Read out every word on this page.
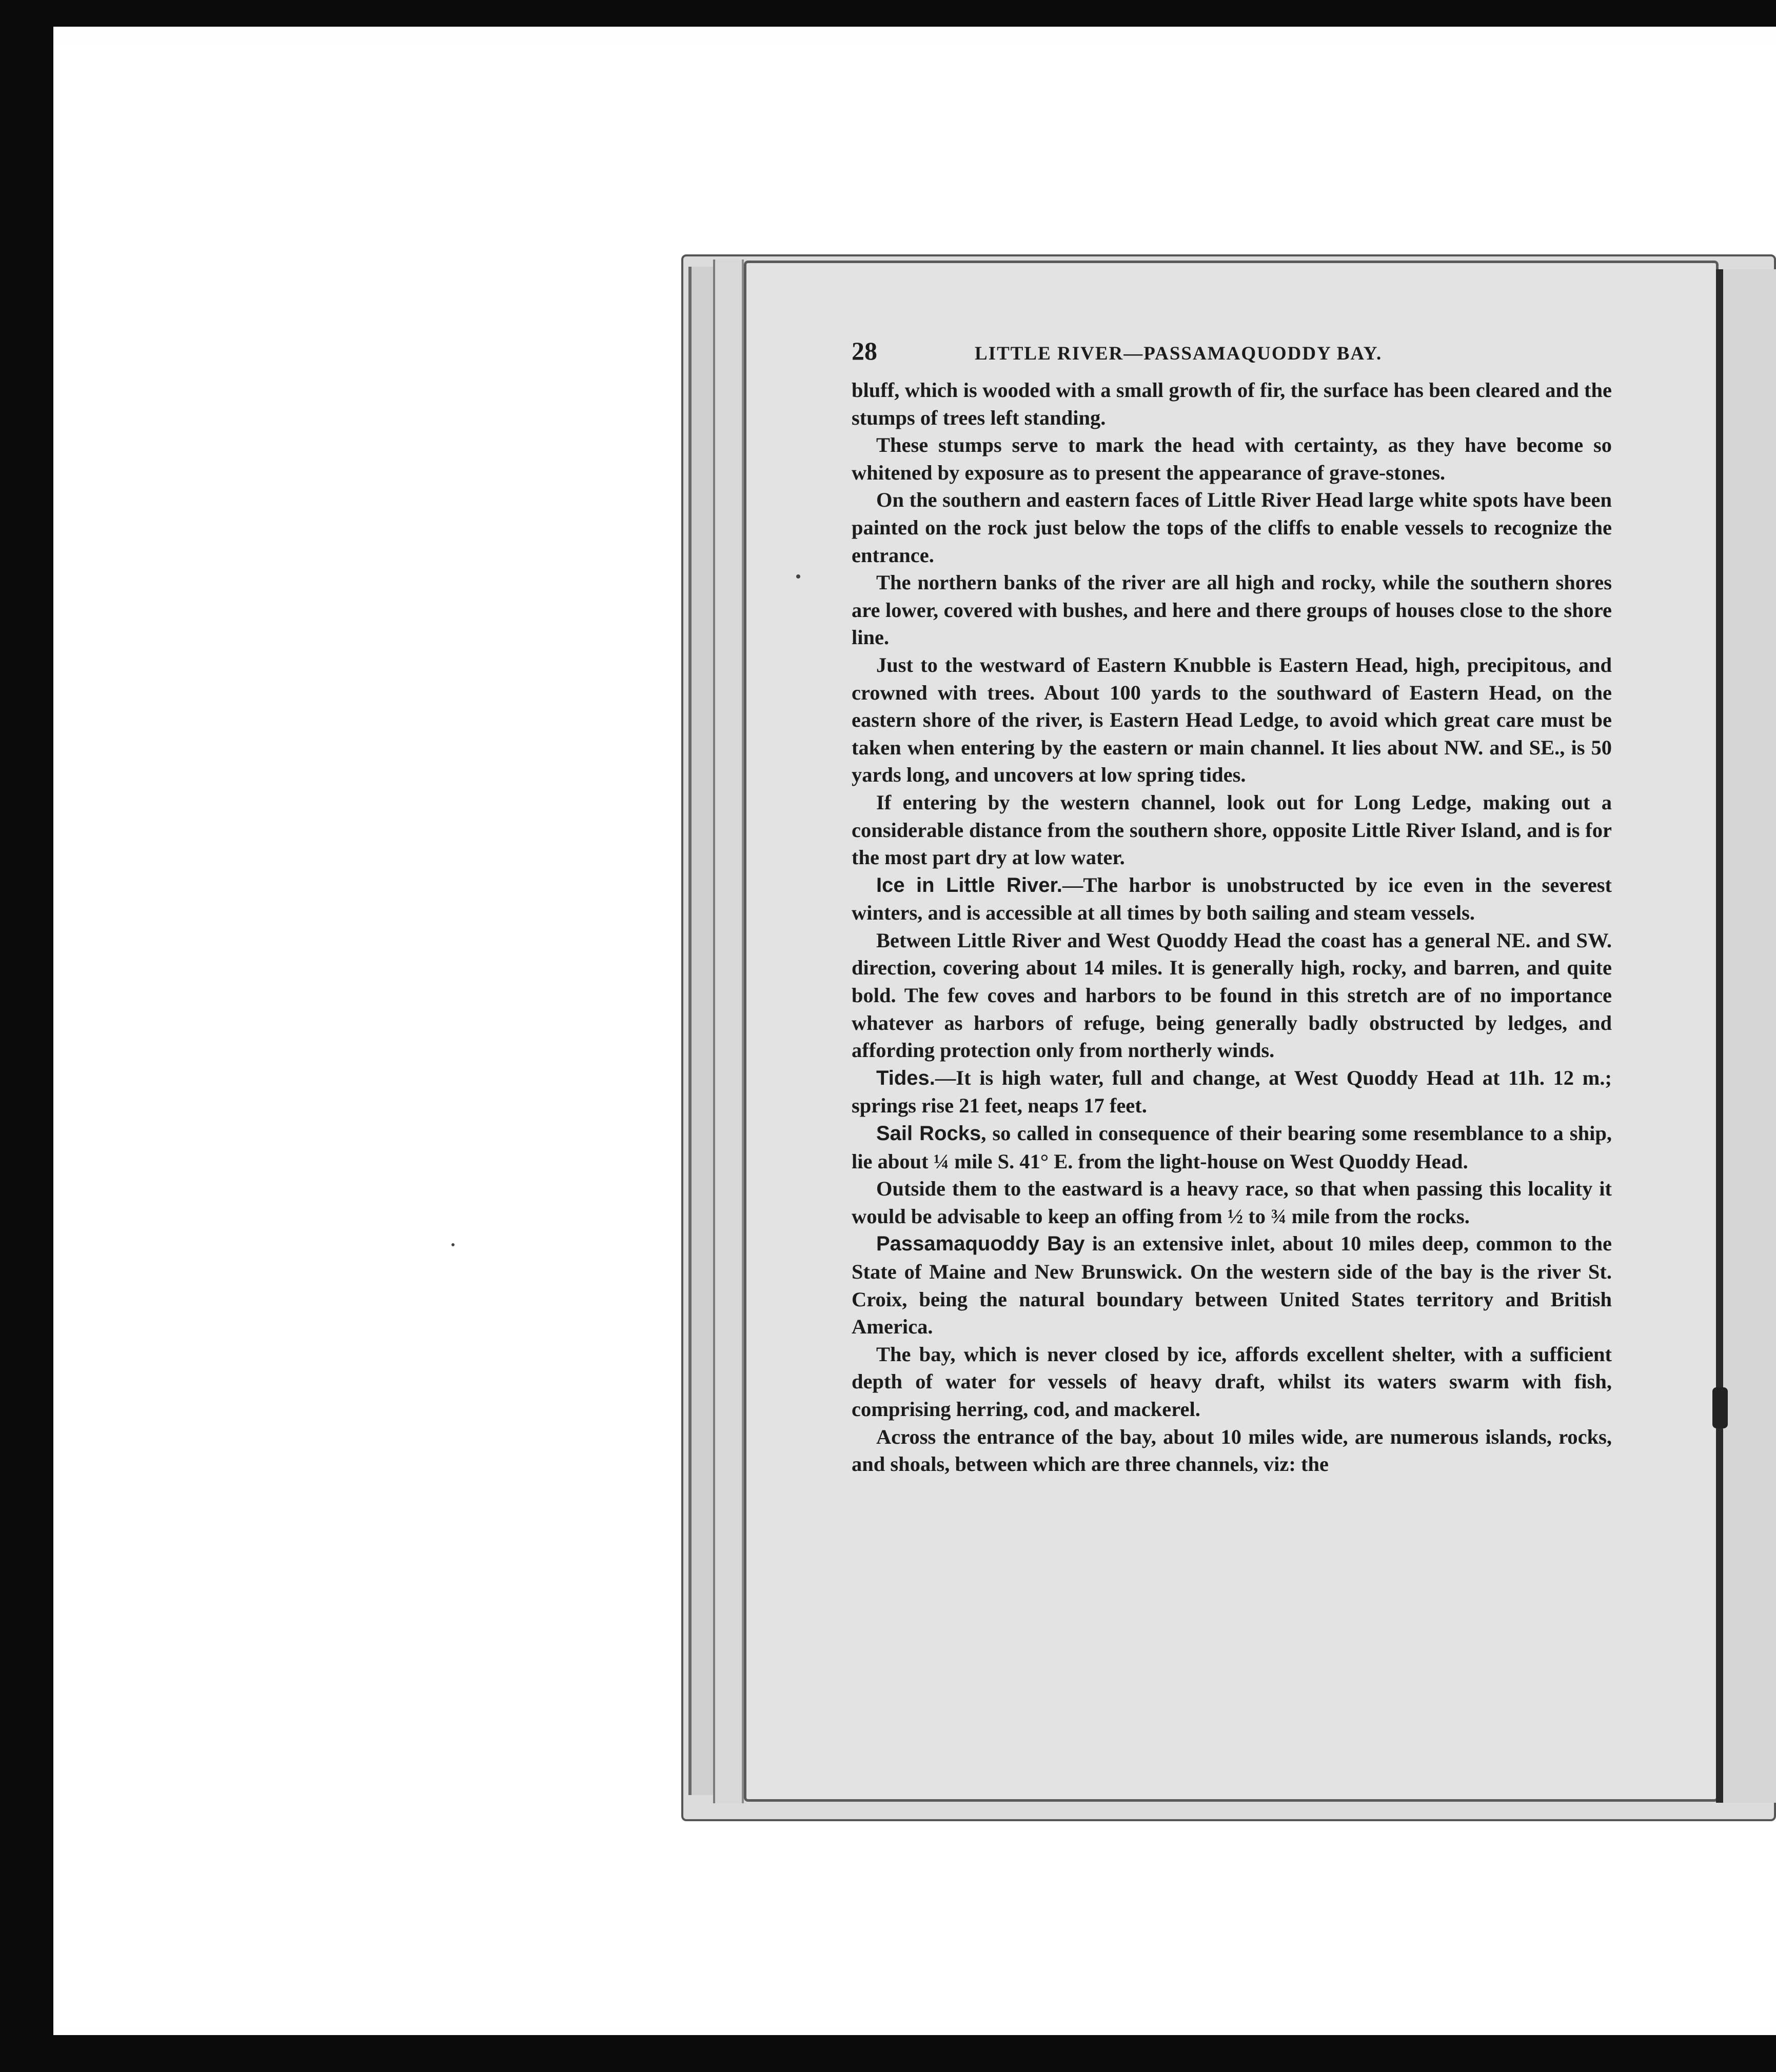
28	LITTLE RIVER—PASSAMAQUODDY BAY.

bluff, which is wooded with a small growth of fir, the surface has been cleared and the stumps of trees left standing.

These stumps serve to mark the head with certainty, as they have become so whitened by exposure as to present the appearance of grave-stones.

On the southern and eastern faces of Little River Head large white spots have been painted on the rock just below the tops of the cliffs to enable vessels to recognize the entrance.

The northern banks of the river are all high and rocky, while the southern shores are lower, covered with bushes, and here and there groups of houses close to the shore line.

Just to the westward of Eastern Knubble is Eastern Head, high, precipitous, and crowned with trees. About 100 yards to the southward of Eastern Head, on the eastern shore of the river, is Eastern Head Ledge, to avoid which great care must be taken when entering by the eastern or main channel. It lies about NW. and SE., is 50 yards long, and uncovers at low spring tides.

If entering by the western channel, look out for Long Ledge, making out a considerable distance from the southern shore, opposite Little River Island, and is for the most part dry at low water.

Ice in Little River.—The harbor is unobstructed by ice even in the severest winters, and is accessible at all times by both sailing and steam vessels.

Between Little River and West Quoddy Head the coast has a general NE. and SW. direction, covering about 14 miles. It is generally high, rocky, and barren, and quite bold. The few coves and harbors to be found in this stretch are of no importance whatever as harbors of refuge, being generally badly obstructed by ledges, and affording protection only from northerly winds.

Tides.—It is high water, full and change, at West Quoddy Head at 11h. 12 m.; springs rise 21 feet, neaps 17 feet.

Sail Rocks, so called in consequence of their bearing some resemblance to a ship, lie about ¼ mile S. 41° E. from the light-house on West Quoddy Head.

Outside them to the eastward is a heavy race, so that when passing this locality it would be advisable to keep an offing from ½ to ¾ mile from the rocks.

Passamaquoddy Bay is an extensive inlet, about 10 miles deep, common to the State of Maine and New Brunswick. On the western side of the bay is the river St. Croix, being the natural boundary between United States territory and British America.

The bay, which is never closed by ice, affords excellent shelter, with a sufficient depth of water for vessels of heavy draft, whilst its waters swarm with fish, comprising herring, cod, and mackerel.

Across the entrance of the bay, about 10 miles wide, are numerous islands, rocks, and shoals, between which are three channels, viz: the
